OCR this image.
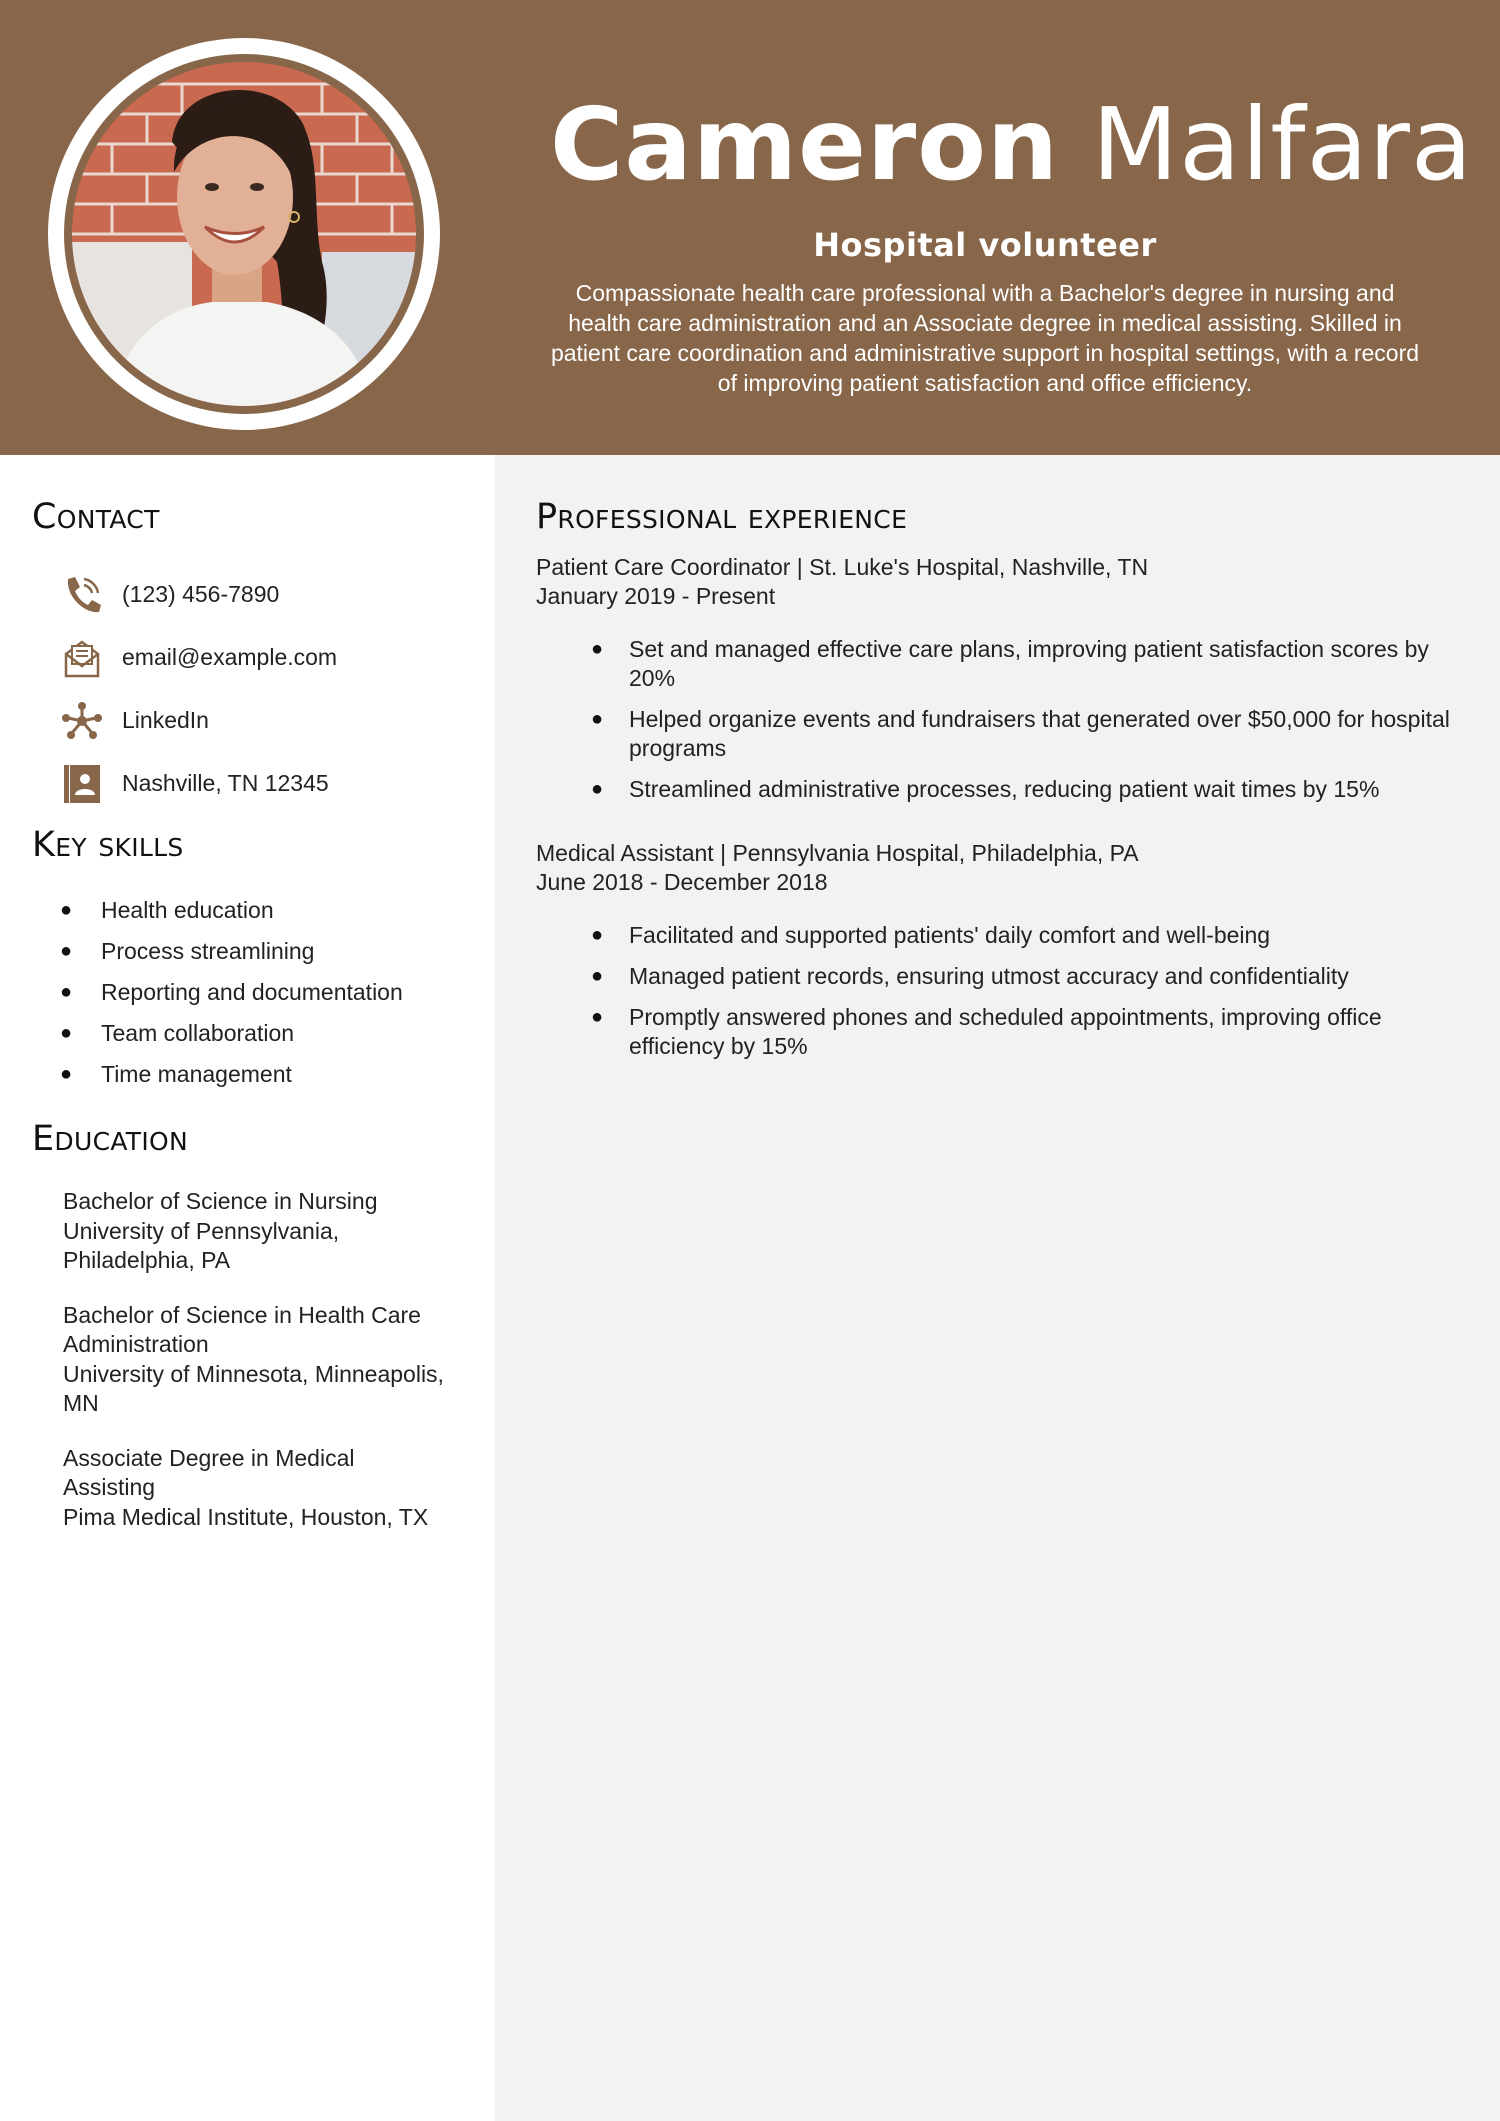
Cameron Malfara
Hospital volunteer
Compassionate health care professional with a Bachelor's degree in nursing and health care administration and an Associate degree in medical assisting. Skilled in patient care coordination and administrative support in hospital settings, with a record of improving patient satisfaction and office efficiency.
Contact
(123) 456-7890
email@example.com
LinkedIn
Nashville, TN 12345
Key skills
●	Health education
●	Process streamlining
●	Reporting and documentation
●	Team collaboration
●	Time management
Education
Bachelor of Science in Nursing
University of Pennsylvania,
Philadelphia, PA
Bachelor of Science in Health Care
Administration
University of Minnesota, Minneapolis,
MN
Associate Degree in Medical
Assisting
Pima Medical Institute, Houston, TX
Professional experience
Patient Care Coordinator | St. Luke's Hospital, Nashville, TN
January 2019 - Present
●	Set and managed effective care plans, improving patient satisfaction scores by 20%
●	Helped organize events and fundraisers that generated over $50,000 for hospital programs
●	Streamlined administrative processes, reducing patient wait times by 15%
Medical Assistant | Pennsylvania Hospital, Philadelphia, PA
June 2018 - December 2018
●	Facilitated and supported patients' daily comfort and well-being
●	Managed patient records, ensuring utmost accuracy and confidentiality
●	Promptly answered phones and scheduled appointments, improving office efficiency by 15%
